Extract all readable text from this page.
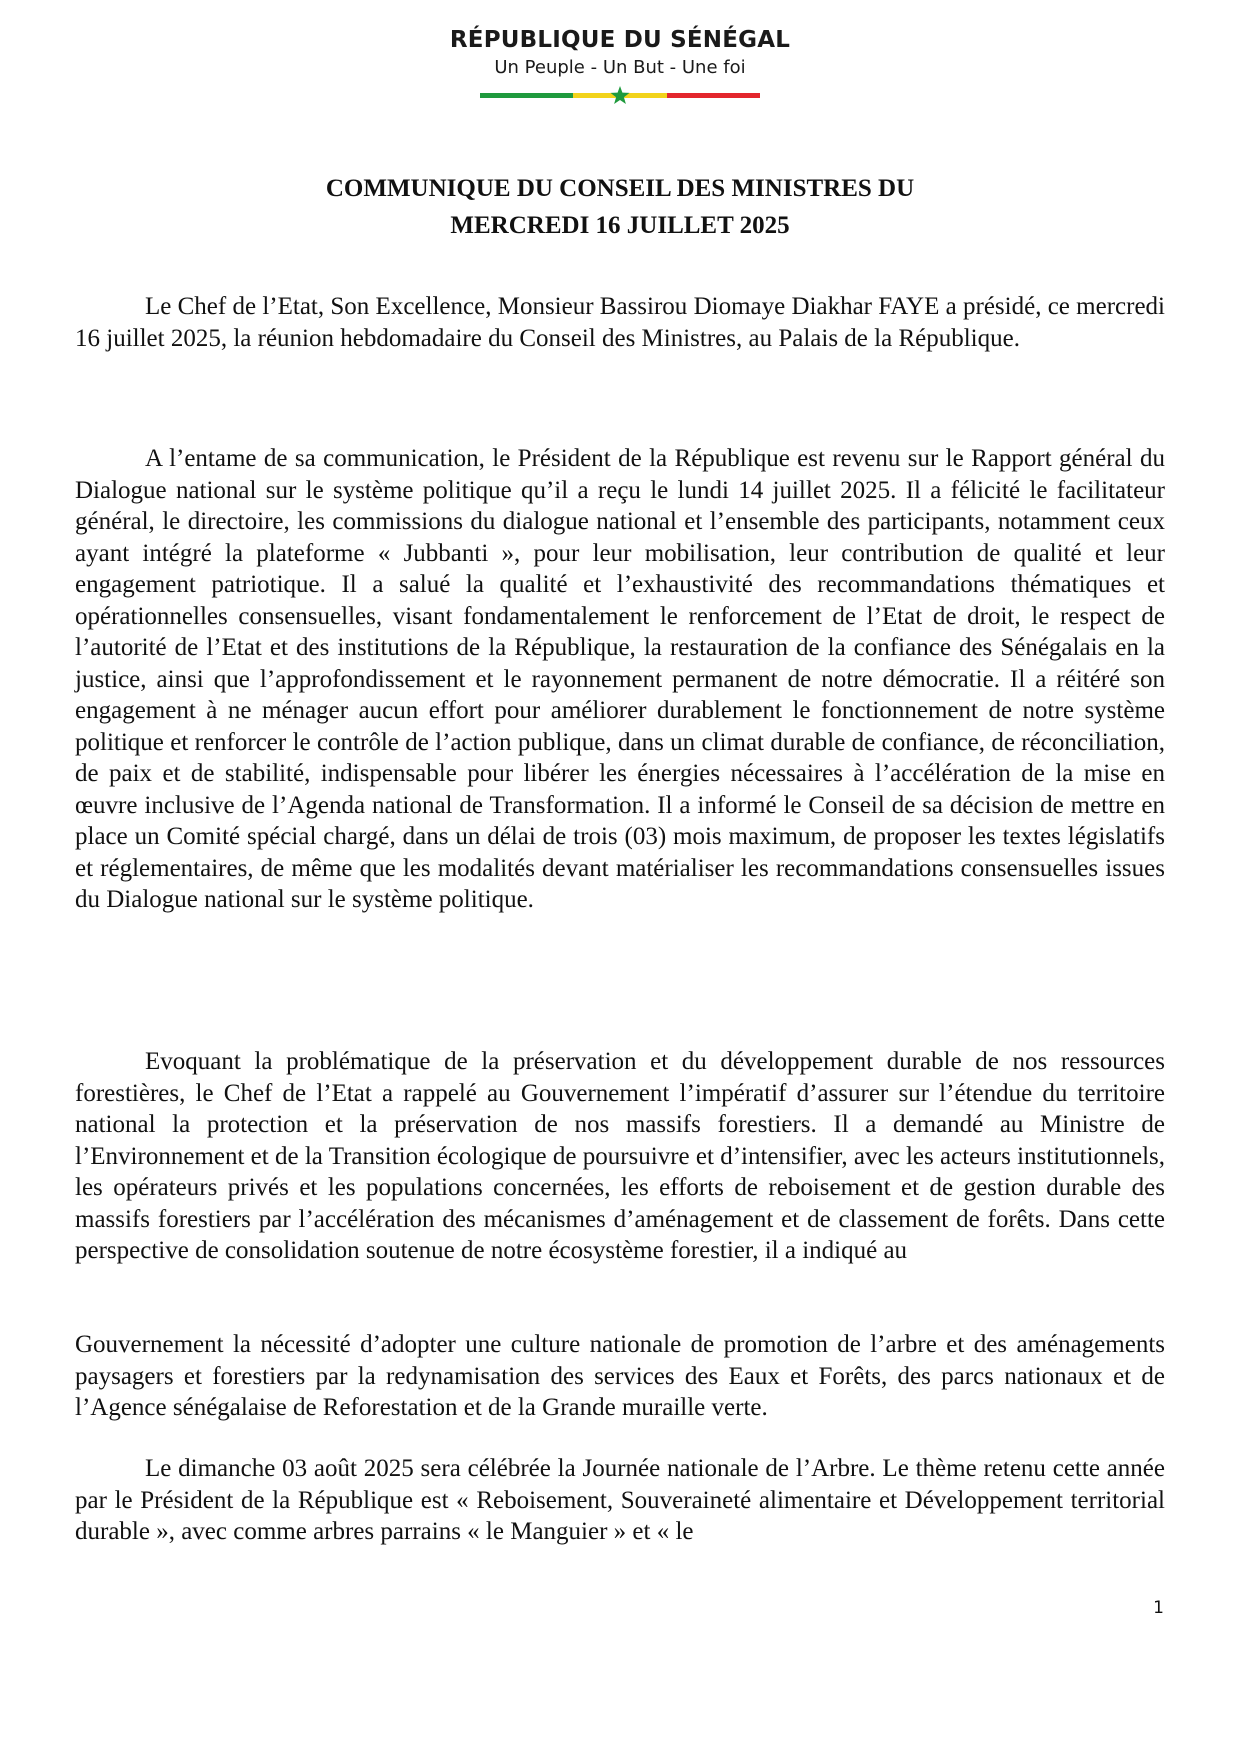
RÉPUBLIQUE DU SÉNÉGAL
Un Peuple - Un But - Une foi
COMMUNIQUE DU CONSEIL DES MINISTRES DU
MERCREDI 16 JUILLET 2025

Le Chef de l’Etat, Son Excellence, Monsieur Bassirou Diomaye Diakhar FAYE a présidé, ce mercredi 16 juillet 2025, la réunion hebdomadaire du Conseil des Ministres, au Palais de la République.

A l’entame de sa communication, le Président de la République est revenu sur le Rapport général du Dialogue national sur le système politique qu’il a reçu le lundi 14 juillet 2025. Il a félicité le facilitateur général, le directoire, les commissions du dialogue national et l’ensemble des participants, notamment ceux ayant intégré la plateforme « Jubbanti », pour leur mobilisation, leur contribution de qualité et leur engagement patriotique. Il a salué la qualité et l’exhaustivité des recommandations thématiques et opérationnelles consensuelles, visant fondamentalement le renforcement de l’Etat de droit, le respect de l’autorité de l’Etat et des institutions de la République, la restauration de la confiance des Sénégalais en la justice, ainsi que l’approfondissement et le rayonnement permanent de notre démocratie. Il a réitéré son engagement à ne ménager aucun effort pour améliorer durablement le fonctionnement de notre système politique et renforcer le contrôle de l’action publique, dans un climat durable de confiance, de réconciliation, de paix et de stabilité, indispensable pour libérer les énergies nécessaires à l’accélération de la mise en œuvre inclusive de l’Agenda national de Transformation. Il a informé le Conseil de sa décision de mettre en place un Comité spécial chargé, dans un délai de trois (03) mois maximum, de proposer les textes législatifs et réglementaires, de même que les modalités devant matérialiser les recommandations consensuelles issues du Dialogue national sur le système politique.

Evoquant la problématique de la préservation et du développement durable de nos ressources forestières, le Chef de l’Etat a rappelé au Gouvernement l’impératif d’assurer sur l’étendue du territoire national la protection et la préservation de nos massifs forestiers. Il a demandé au Ministre de l’Environnement et de la Transition écologique de poursuivre et d’intensifier, avec les acteurs institutionnels, les opérateurs privés et les populations concernées, les efforts de reboisement et de gestion durable des massifs forestiers par l’accélération des mécanismes d’aménagement et de classement de forêts. Dans cette perspective de consolidation soutenue de notre écosystème forestier, il a indiqué au

Gouvernement la nécessité d’adopter une culture nationale de promotion de l’arbre et des aménagements paysagers et forestiers par la redynamisation des services des Eaux et Forêts, des parcs nationaux et de l’Agence sénégalaise de Reforestation et de la Grande muraille verte.

Le dimanche 03 août 2025 sera célébrée la Journée nationale de l’Arbre. Le thème retenu cette année par le Président de la République est « Reboisement, Souveraineté alimentaire et Développement territorial durable », avec comme arbres parrains « le Manguier » et « le

1
